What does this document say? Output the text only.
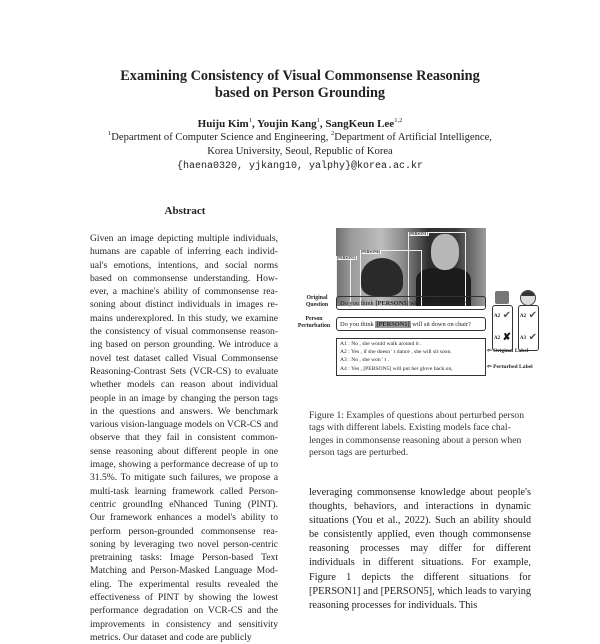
Examining Consistency of Visual Commonsense Reasoning
based on Person Grounding
Huiju Kim$^1$, Youjin Kang$^1$, SangKeun Lee$^{1,2}$
$^1$Department of Computer Science and Engineering, $^2$Department of Artificial Intelligence,
Korea University, Seoul, Republic of Korea
{haena0320, yjkang10, yalphy}@korea.ac.kr
Abstract
Given an image depicting multiple individuals, humans are capable of inferring each individual's emotions, intentions, and social norms based on commonsense understanding. However, a machine's ability of commonsense reasoning about distinct individuals in images remains underexplored. In this study, we examine the consistency of visual commonsense reasoning based on person grounding. We introduce a novel test dataset called Visual Commonsense Reasoning-Contrast Sets (VCR-CS) to evaluate whether models can reason about individual people in an image by changing the person tags in the questions and answers. We benchmark various vision-language models on VCR-CS and observe that they fail in consistent commonsense reasoning about different people in one image, showing a performance decrease of up to 31.5%. To mitigate such failures, we propose a multi-task learning framework called Person-centric groundIng eNhanced Tuning (PINT). Our framework enhances a model's ability to perform person-grounded commonsense reasoning by leveraging two novel person-centric pretraining tasks: Image Person-based Text Matching and Person-Masked Language Modeling. The experimental results revealed the effectiveness of PINT by showing the lowest performance degradation on VCR-CS and the improvements in consistency and sensitivity metrics. Our dataset and code are publicly
[PERSON5]
[PERSON6]
[PERSON1]
Original Question
Person Perturbation
Do you think [PERSON5] will sit down on chair?
Do you think [PERSON1] will sit down on chair?
A1 : No , she would walk around it .
A2 : Yes , if she doesn ' t dance , she will sit soon.
A3 : No , she won ' t .
A4 : Yes , [PERSON5] will put her glove back on,
⇦ Original Label
⇦ Perturbed Label
A2 ✔
A2 ✘
A2 ✔
A3 ✔
Figure 1: Examples of questions about perturbed person tags with different labels. Existing models face challenges in commonsense reasoning about a person when person tags are perturbed.
leveraging commonsense knowledge about people's thoughts, behaviors, and interactions in dynamic situations (You et al., 2022). Such an ability should be consistently applied, even though commonsense reasoning processes may differ for different individuals in different situations. For example, Figure 1 depicts the different situations for [PERSON1] and [PERSON5], which leads to varying reasoning processes for individuals. This
